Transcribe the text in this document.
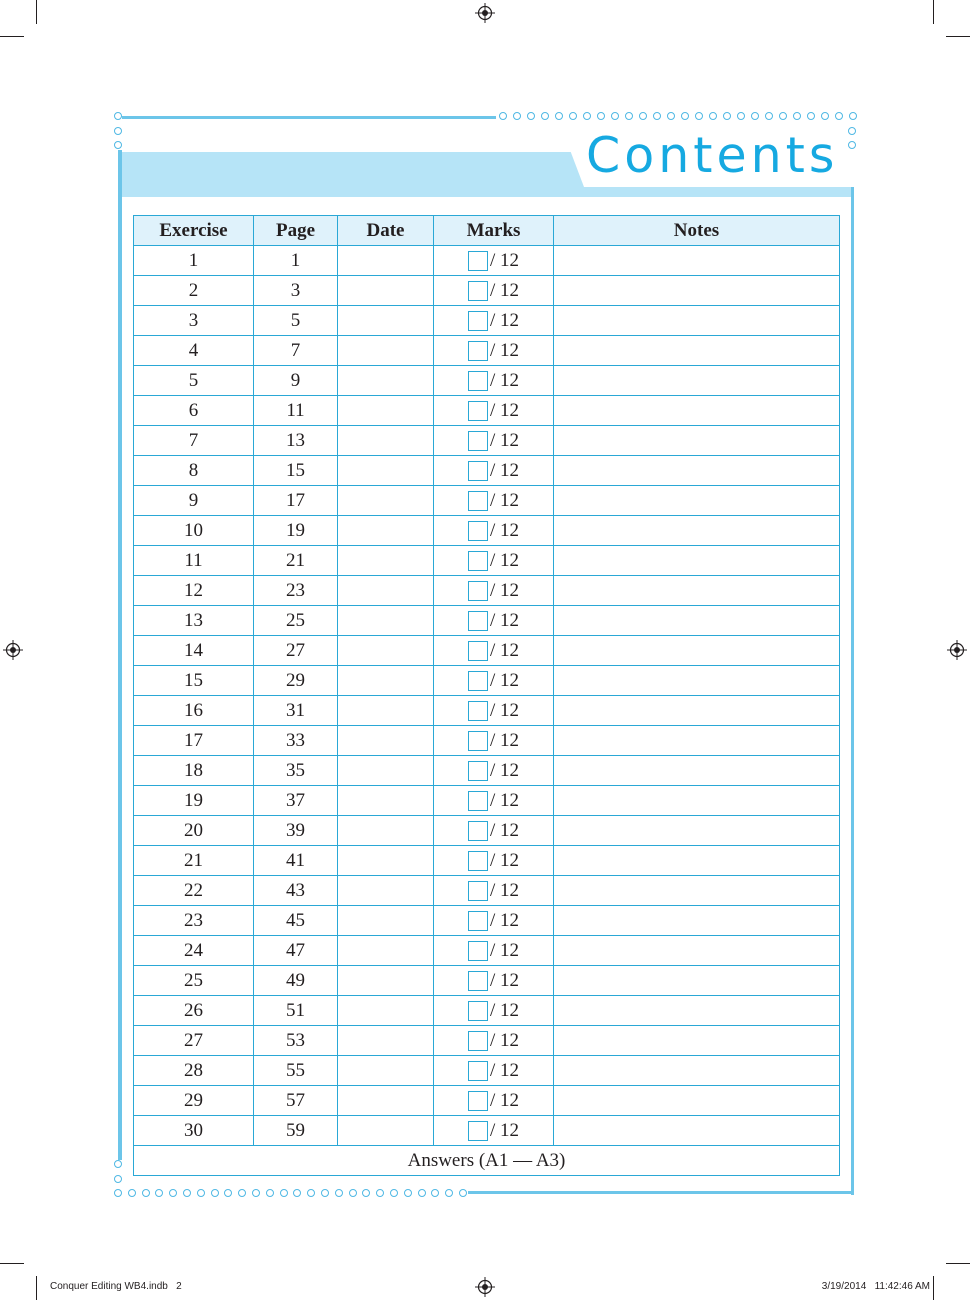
Contents
Exercise	Page	Date	Marks	Notes
1	1		/ 12	
2	3		/ 12	
3	5		/ 12	
4	7		/ 12	
5	9		/ 12	
6	11		/ 12	
7	13		/ 12	
8	15		/ 12	
9	17		/ 12	
10	19		/ 12	
11	21		/ 12	
12	23		/ 12	
13	25		/ 12	
14	27		/ 12	
15	29		/ 12	
16	31		/ 12	
17	33		/ 12	
18	35		/ 12	
19	37		/ 12	
20	39		/ 12	
21	41		/ 12	
22	43		/ 12	
23	45		/ 12	
24	47		/ 12	
25	49		/ 12	
26	51		/ 12	
27	53		/ 12	
28	55		/ 12	
29	57		/ 12	
30	59		/ 12	
Answers (A1 — A3)				
Conquer Editing WB4.indb   2	3/19/2014   11:42:46 AM
